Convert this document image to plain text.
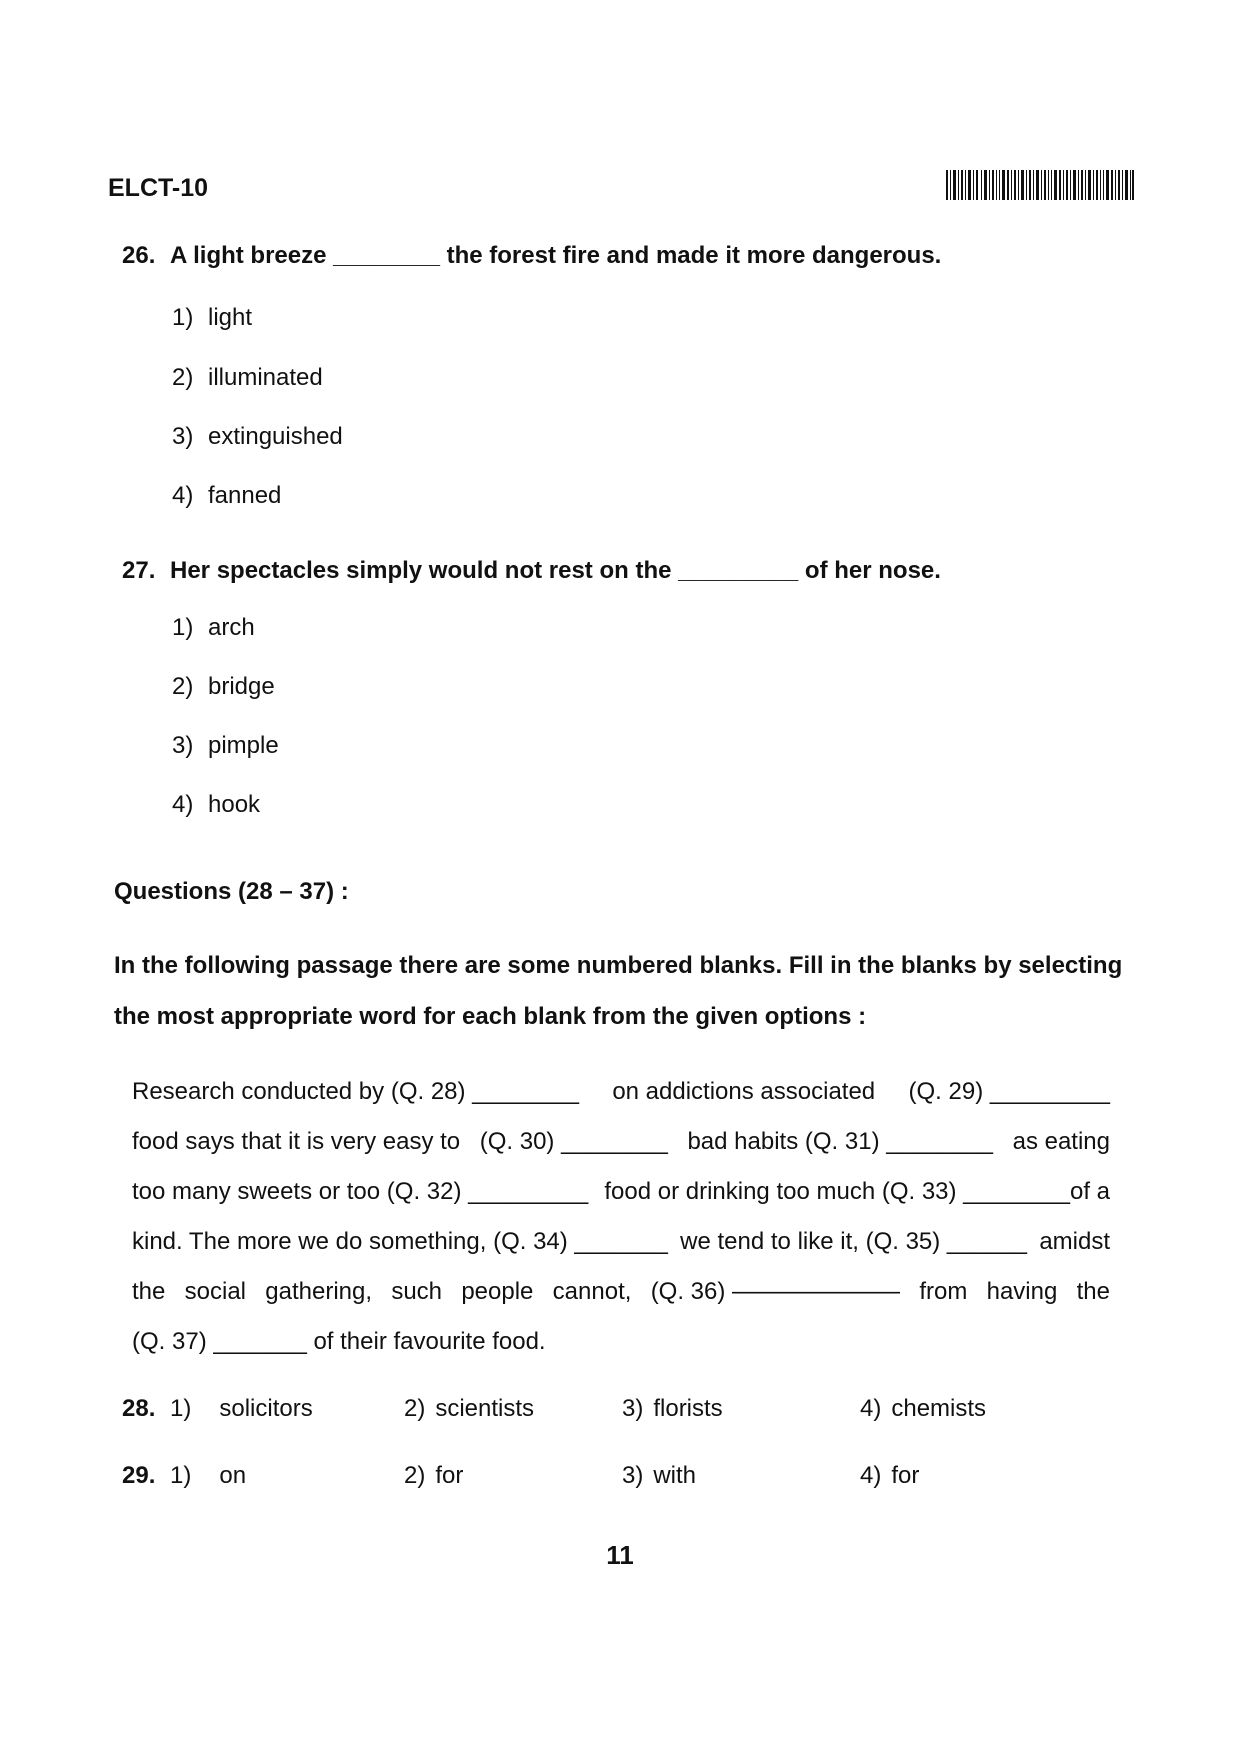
ELCT-10
26. A light breeze ________ the forest fire and made it more dangerous.
1) light
2) illuminated
3) extinguished
4) fanned
27. Her spectacles simply would not rest on the _________ of her nose.
1) arch
2) bridge
3) pimple
4) hook
Questions (28 – 37) :
In the following passage there are some numbered blanks. Fill in the blanks by selecting the most appropriate word for each blank from the given options :
Research conducted by (Q. 28) ________ on addictions associated (Q. 29) _________
food says that it is very easy to (Q. 30) ________ bad habits (Q. 31) ________ as eating
too many sweets or too (Q. 32) _________ food or drinking too much (Q. 33) ________of a
kind. The more we do something, (Q. 34) _______ we tend to like it, (Q. 35) ______ amidst
the social gathering, such people cannot, (Q. 36) ——————— from having the
(Q. 37) _______ of their favourite food.
28. 1) solicitors	2) scientists	3) florists	4) chemists
29. 1) on	2) for	3) with	4) for
11
